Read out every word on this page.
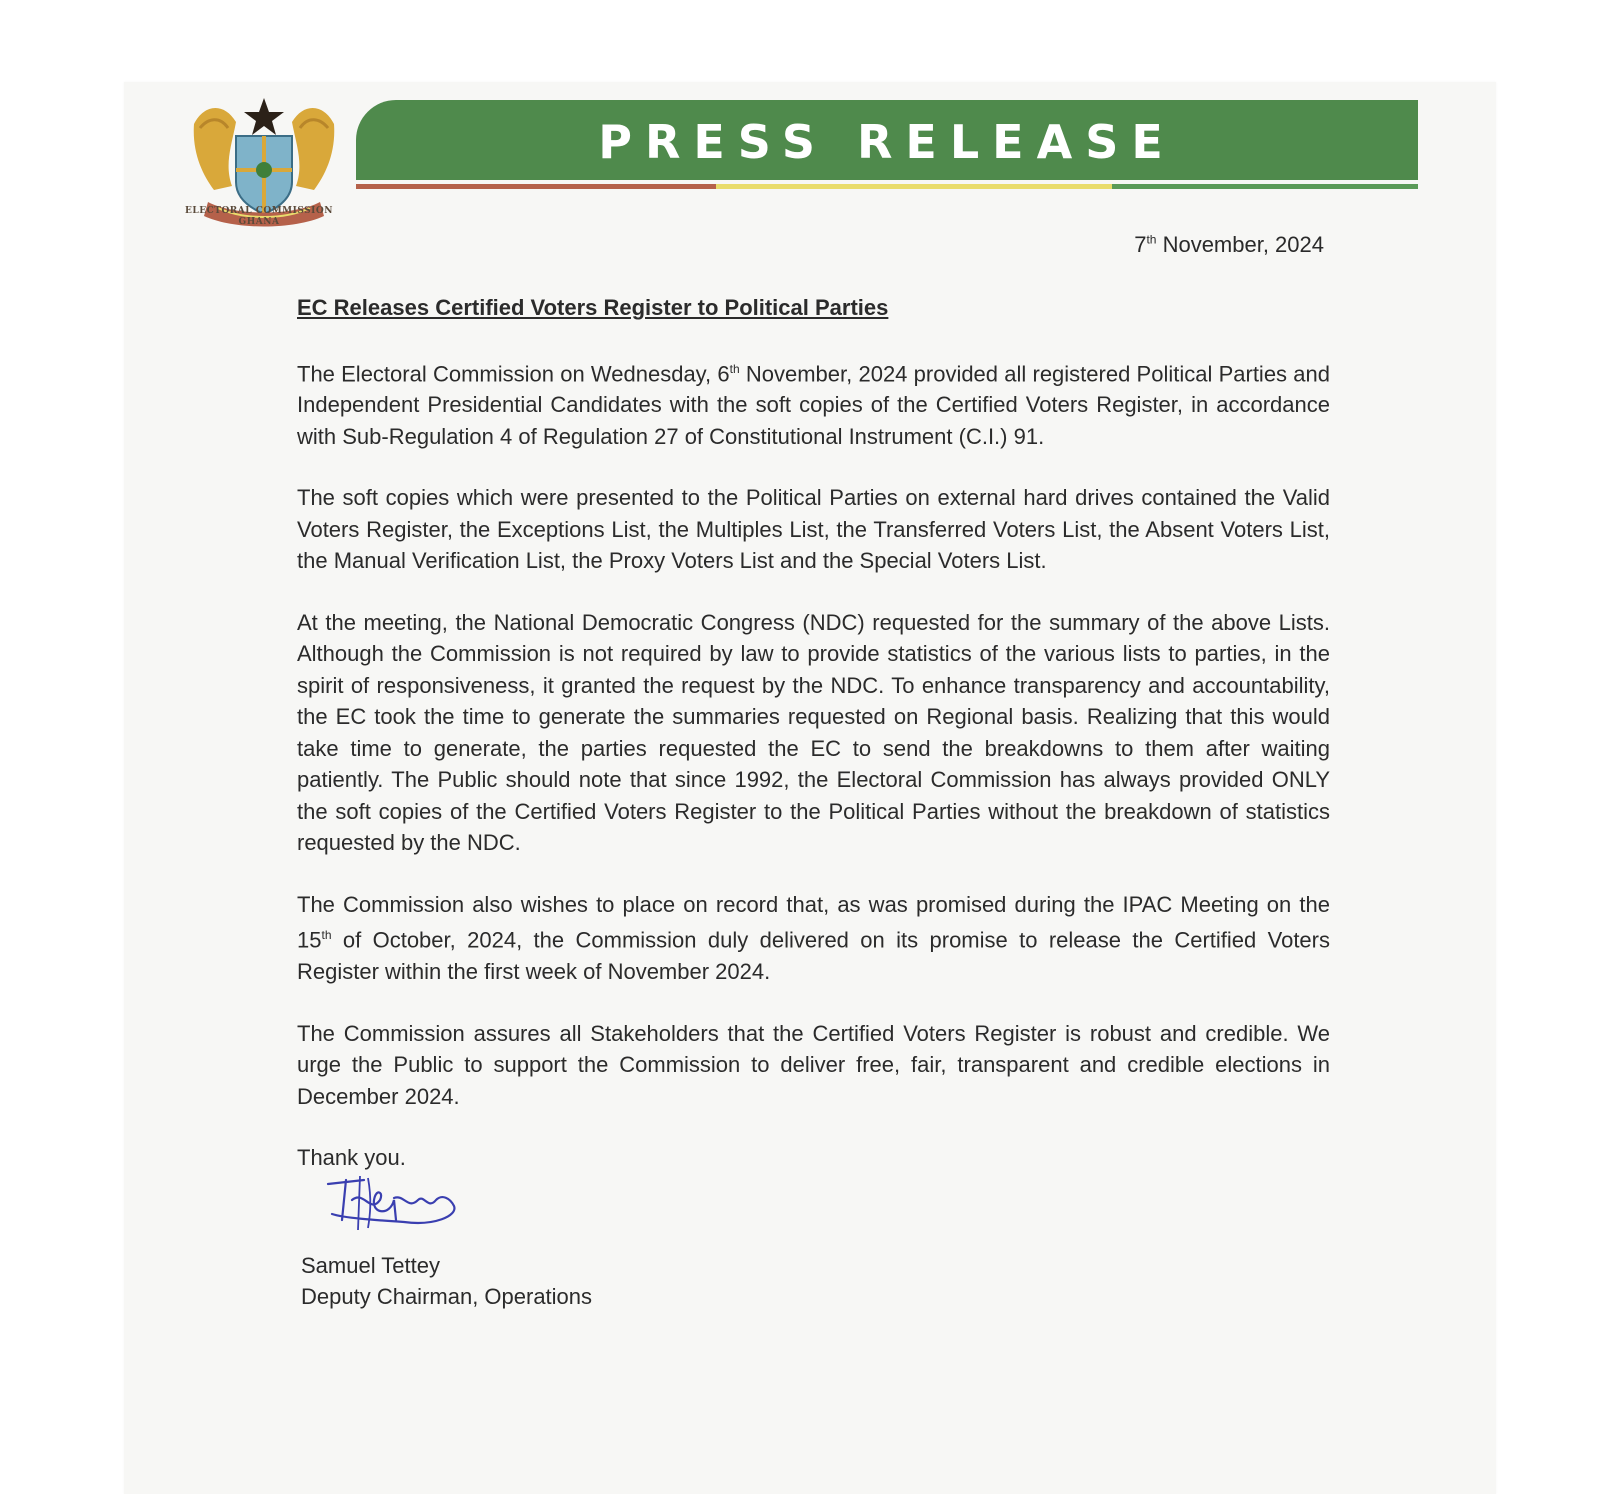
ELECTORAL COMMISSION
GHANA
PRESS RELEASE
7th November, 2024

EC Releases Certified Voters Register to Political Parties

The Electoral Commission on Wednesday, 6th November, 2024 provided all registered Political Parties and Independent Presidential Candidates with the soft copies of the Certified Voters Register, in accordance with Sub-Regulation 4 of Regulation 27 of Constitutional Instrument (C.I.) 91.

The soft copies which were presented to the Political Parties on external hard drives contained the Valid Voters Register, the Exceptions List, the Multiples List, the Transferred Voters List, the Absent Voters List, the Manual Verification List, the Proxy Voters List and the Special Voters List.

At the meeting, the National Democratic Congress (NDC) requested for the summary of the above Lists. Although the Commission is not required by law to provide statistics of the various lists to parties, in the spirit of responsiveness, it granted the request by the NDC. To enhance transparency and accountability, the EC took the time to generate the summaries requested on Regional basis. Realizing that this would take time to generate, the parties requested the EC to send the breakdowns to them after waiting patiently. The Public should note that since 1992, the Electoral Commission has always provided ONLY the soft copies of the Certified Voters Register to the Political Parties without the breakdown of statistics requested by the NDC.

The Commission also wishes to place on record that, as was promised during the IPAC Meeting on the 15th of October, 2024, the Commission duly delivered on its promise to release the Certified Voters Register within the first week of November 2024.

The Commission assures all Stakeholders that the Certified Voters Register is robust and credible. We urge the Public to support the Commission to deliver free, fair, transparent and credible elections in December 2024.

Thank you.

Samuel Tettey
Deputy Chairman, Operations
